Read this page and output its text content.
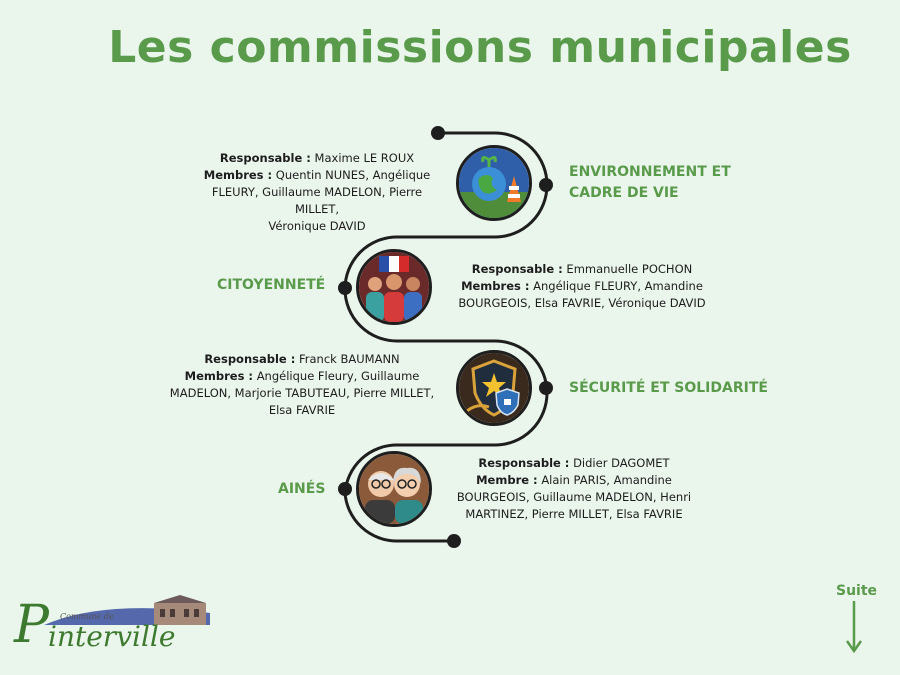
Les commissions municipales
ENVIRONNEMENT ET
CADRE DE VIE
Responsable : Maxime LE ROUX
Membres : Quentin NUNES, Angélique
FLEURY, Guillaume MADELON, Pierre MILLET,
Véronique DAVID
CITOYENNETÉ
Responsable : Emmanuelle POCHON
Membres : Angélique FLEURY, Amandine
BOURGEOIS, Elsa FAVRIE, Véronique DAVID
SÉCURITÉ ET SOLIDARITÉ
Responsable : Franck BAUMANN
Membres : Angélique Fleury, Guillaume
MADELON, Marjorie TABUTEAU, Pierre MILLET,
Elsa FAVRIE
AINÉS
Responsable : Didier DAGOMET
Membre : Alain PARIS, Amandine
BOURGEOIS, Guillaume MADELON, Henri
MARTINEZ, Pierre MILLET, Elsa FAVRIE
Suite
Commune de
P interville
